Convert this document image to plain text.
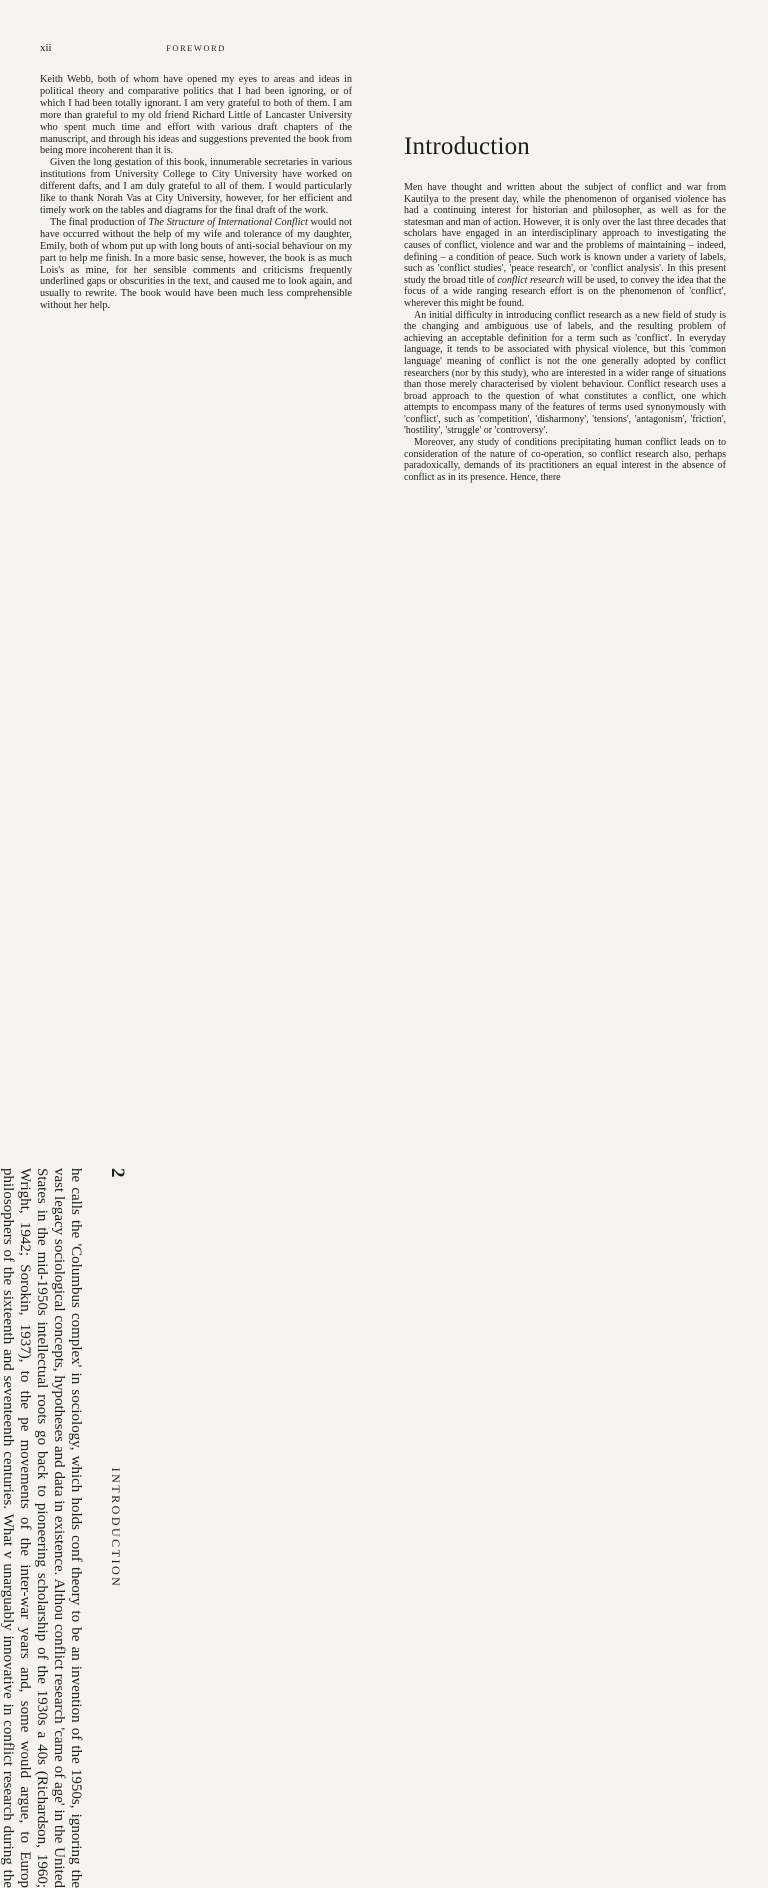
xii	FOREWORD

Keith Webb, both of whom have opened my eyes to areas and ideas in political theory and comparative politics that I had been ignoring, or of which I had been totally ignorant. I am very grateful to both of them. I am more than grateful to my old friend Richard Little of Lancaster University who spent much time and effort with various draft chapters of the manuscript, and through his ideas and suggestions prevented the book from being more incoherent than it is.

Given the long gestation of this book, innumerable secretaries in various institutions from University College to City University have worked on different dafts, and I am duly grateful to all of them. I would particularly like to thank Norah Vas at City University, however, for her efficient and timely work on the tables and diagrams for the final draft of the work.

The final production of The Structure of International Conflict would not have occurred without the help of my wife and tolerance of my daughter, Emily, both of whom put up with long bouts of anti-social behaviour on my part to help me finish. In a more basic sense, however, the book is as much Lois's as mine, for her sensible comments and criticisms frequently underlined gaps or obscurities in the text, and caused me to look again, and usually to rewrite. The book would have been much less comprehensible without her help.

Introduction

Men have thought and written about the subject of conflict and war from Kautilya to the present day, while the phenomenon of organised violence has had a continuing interest for historian and philosopher, as well as for the statesman and man of action. However, it is only over the last three decades that scholars have engaged in an interdisciplinary approach to investigating the causes of conflict, violence and war and the problems of maintaining – indeed, defining – a condition of peace. Such work is known under a variety of labels, such as 'conflict studies', 'peace research', or 'conflict analysis'. In this present study the broad title of conflict research will be used, to convey the idea that the focus of a wide ranging research effort is on the phenomenon of 'conflict', wherever this might be found.

An initial difficulty in introducing conflict research as a new field of study is the changing and ambiguous use of labels, and the resulting problem of achieving an acceptable definition for a term such as 'conflict'. In everyday language, it tends to be associated with physical violence, but this 'common language' meaning of conflict is not the one generally adopted by conflict researchers (nor by this study), who are interested in a wider range of situations than those merely characterised by violent behaviour. Conflict research uses a broad approach to the question of what constitutes a conflict, one which attempts to encompass many of the features of terms used synonymously with 'conflict', such as 'competition', 'disharmony', 'tensions', 'antagonism', 'friction', 'hostility', 'struggle' or 'controversy'.

Moreover, any study of conditions precipitating human conflict leads on to consideration of the nature of co-operation, so conflict research also, perhaps paradoxically, demands of its practitioners an equal interest in the absence of conflict as in its presence. Hence, there

2
INTRODUCTION

he calls the 'Columbus complex' in sociology, which holds conf theory to be an invention of the 1950s, ignoring the vast legacy sociological concepts, hypotheses and data in existence. Althou conflict research 'came of age' in the United States in the mid-1950s intellectual roots go back to pioneering scholarship of the 1930s a 40s (Richardson, 1960; Wright, 1942; Sorokin, 1937), to the pe movements of the inter-war years and, some would argue, to Europ philosophers of the sixteenth and seventeenth centuries. What v unarguably innovative in conflict research during the
